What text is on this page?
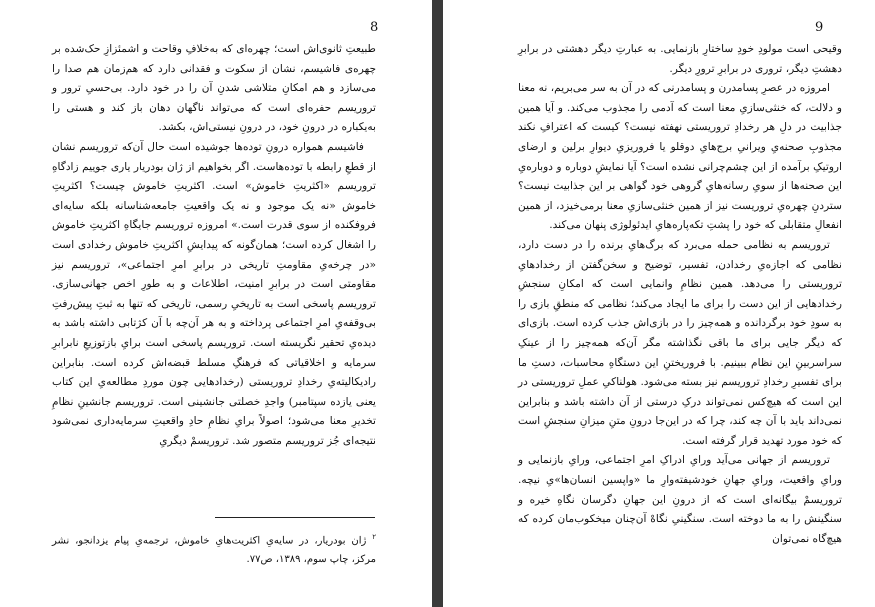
8

طبیعتِ ثانوی‌اش است؛ چهره‌ای که به‌خلافِ وقاحت و اشمئزازِ حک‌شده بر چهره‌ی فاشیسم، نشان از سکوت و فقدانی دارد که هم‌زمان هم صدا را می‌سازد و هم امکانِ متلاشی شدنِ آن را در خود دارد. بی‌حسیِ ترور و تروریسم حفره‌ای است که می‌تواند ناگهان دهان باز کند و هستی را به‌یکباره در درونِ خود، در درونِ نیستی‌اش، بکشد.

فاشیسم همواره درونِ توده‌ها جوشیده است حال آن‌که تروریسم نشان از قطعِ رابطه با توده‌هاست. اگر بخواهیم از ژان بودریار یاری جوییم زادگاهِ تروریسم «اکثریتِ خاموش» است. اکثریتِ خاموش چیست؟ اکثریتِ خاموش «نه یک موجود و نه یک واقعیتِ جامعه‌شناسانه بلکه سایه‌ای فروفکنده از سوی قدرت است.» امروزه تروریسم جایگاهِ اکثریتِ خاموش را اشغال کرده است؛ همان‌گونه که پیدایشِ اکثریتِ خاموش رخدادی است «در چرخه‌یِ مقاومتِ تاریخی در برابرِ امرِ اجتماعی»، تروریسم نیز مقاومتی است در برابرِ امنیت، اطلاعات و به طورِ اخص جهانی‌سازی. تروریسم پاسخی است به تاریخیِ رسمی، تاریخی که تنها به ثبتِ پیش‌رفتِ بی‌وقفه‌یِ امرِ اجتماعی پرداخته و به هر آن‌چه با آن کژتابی داشته باشد به دیده‌یِ تحقیر نگریسته است. تروریسم پاسخی است برایِ بازتوزیعِ نابرابرِ سرمایه و اخلاقیاتی که فرهنگِ مسلط قبضه‌اش کرده است. بنابراین رادیکالیته‌یِ رخدادِ تروریستی (رخدادهایی چون موردِ مطالعه‌یِ این کتاب یعنی یازده سپتامبر) واجدِ خصلتی جانشینی است. تروریسم جانشینِ نظامِ تخدیرِ معنا می‌شود؛ اصولاً برایِ نظامِ حادِ واقعیتِ سرمایه‌داری نمی‌شود نتیجه‌ای جُز تروریسم متصور شد. تروریسمْ دیگریِ

$^۲$ ژان بودریار، در سایه‌یِ اکثریت‌هایِ خاموش، ترجمه‌یِ پیام یزدانجو، نشر مرکز، چاپ سوم، ۱۳۸۹، ص۷۷.
9

وقیحی است مولودِ خودِ ساختارِ بازنمایی. به عبارتِ دیگر دهشتی در برابرِ دهشتِ دیگر، تروری در برابرِ ترورِ دیگر.

امروزه در عصرِ پسامدرن و پسامدرنی که در آن به سر می‌بریم، نه معنا و دلالت، که خنثی‌سازیِ معنا است که آدمی را مجذوب می‌کند. و آیا همین جذابیت در دلِ هر رخدادِ تروریستی نهفته نیست؟ کیست که اعترافِ نکند مجذوبِ صحنه‌یِ ویرانیِ برج‌هایِ دوقلو یا فروریزیِ دیوارِ برلین و ارضای اروتیکِ برآمده از این چشم‌چرانی نشده است؟ آیا نمایشِ دوباره و دوباره‌یِ این صحنه‌ها از سویِ رسانه‌هایِ گروهی خود گواهی بر این جذابیت نیست؟ ستردنِ چهره‌یِ تروریست نیز از همین خنثی‌سازیِ معنا برمی‌خیزد، از همین انفعالِ متقابلی که خود را پشتِ تکه‌پاره‌هایِ ایدئولوژی پنهان می‌کند.

تروریسم به نظامی حمله می‌برد که برگ‌هایِ برنده را در دست دارد، نظامی که اجازه‌یِ رخدادن، تفسیر، توضیح و سخن‌گفتن از رخدادهایِ تروریستی را می‌دهد. همین نظامِ وانمایی است که امکانِ سنجشِ رخدادهایی از این دست را برای ما ایجاد می‌کند؛ نظامی که منطقِ بازی را به سودِ خود برگردانده و همه‌چیز را در بازی‌اش جذب کرده است. بازی‌ای که دیگر جایی برای ما باقی نگذاشته مگر آن‌که همه‌چیز را از عینکِ سراسربینِ این نظام ببینیم. با فروریختنِ این دستگاهِ محاسبات، دستِ ما برای تفسیرِ رخدادِ تروریسم نیز بسته می‌شود. هولناکیِ عملِ تروریستی در این است که هیچ‌کس نمی‌تواند درکِ درستی از آن داشته باشد و بنابراین نمی‌داند باید با آن چه کند، چرا که در این‌جا درونِ متنِ میزانِ سنجشِ است که خود مورد تهدید قرار گرفته است.

تروریسم از جهانی می‌آید ورایِ ادراکِ امرِ اجتماعی، ورایِ بازنمایی و ورایِ واقعیت، ورایِ جهانِ خودشیفته‌وارِ ما «واپسین انسان‌ها»یِ نیچه. تروریسمْ بیگانه‌ای است که از درونِ این جهانِ دگرسان نگاهِ خیره و سنگینش را به ما دوخته است. سنگینیِ نگاهْ آن‌چنان میخکوب‌مان کرده که هیچ‌گاه نمی‌توان
